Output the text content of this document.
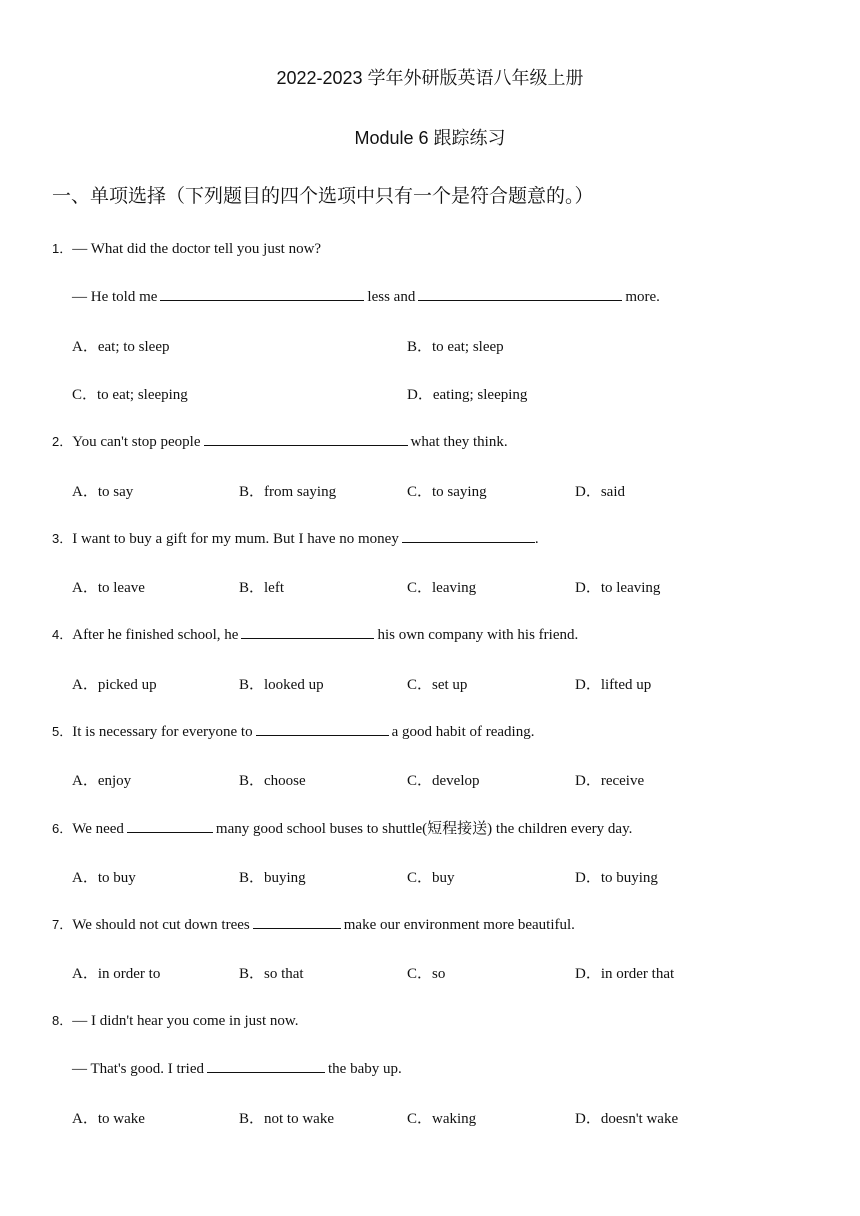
2022-2023 学年外研版英语八年级上册
Module 6 跟踪练习
一、单项选择（下列题目的四个选项中只有一个是符合题意的。）
1．— What did the doctor tell you just now?
— He told me	less and	more.
A．eat; to sleep	B．to eat; sleep
C．to eat; sleeping	D．eating; sleeping
2．You can't stop people	what they think.
A．to say	B．from saying	C．to saying	D．said
3．I want to buy a gift for my mum. But I have no money	.
A．to leave	B．left	C．leaving	D．to leaving
4．After he finished school, he	his own company with his friend.
A．picked up	B．looked up	C．set up	D．lifted up
5．It is necessary for everyone to	a good habit of reading.
A．enjoy	B．choose	C．develop	D．receive
6．We need	many good school buses to shuttle(短程接送) the children every day.
A．to buy	B．buying	C．buy	D．to buying
7．We should not cut down trees	make our environment more beautiful.
A．in order to	B．so that	C．so	D．in order that
8．— I didn't hear you come in just now.
— That's good. I tried	the baby up.
A．to wake	B．not to wake	C．waking	D．doesn't wake
